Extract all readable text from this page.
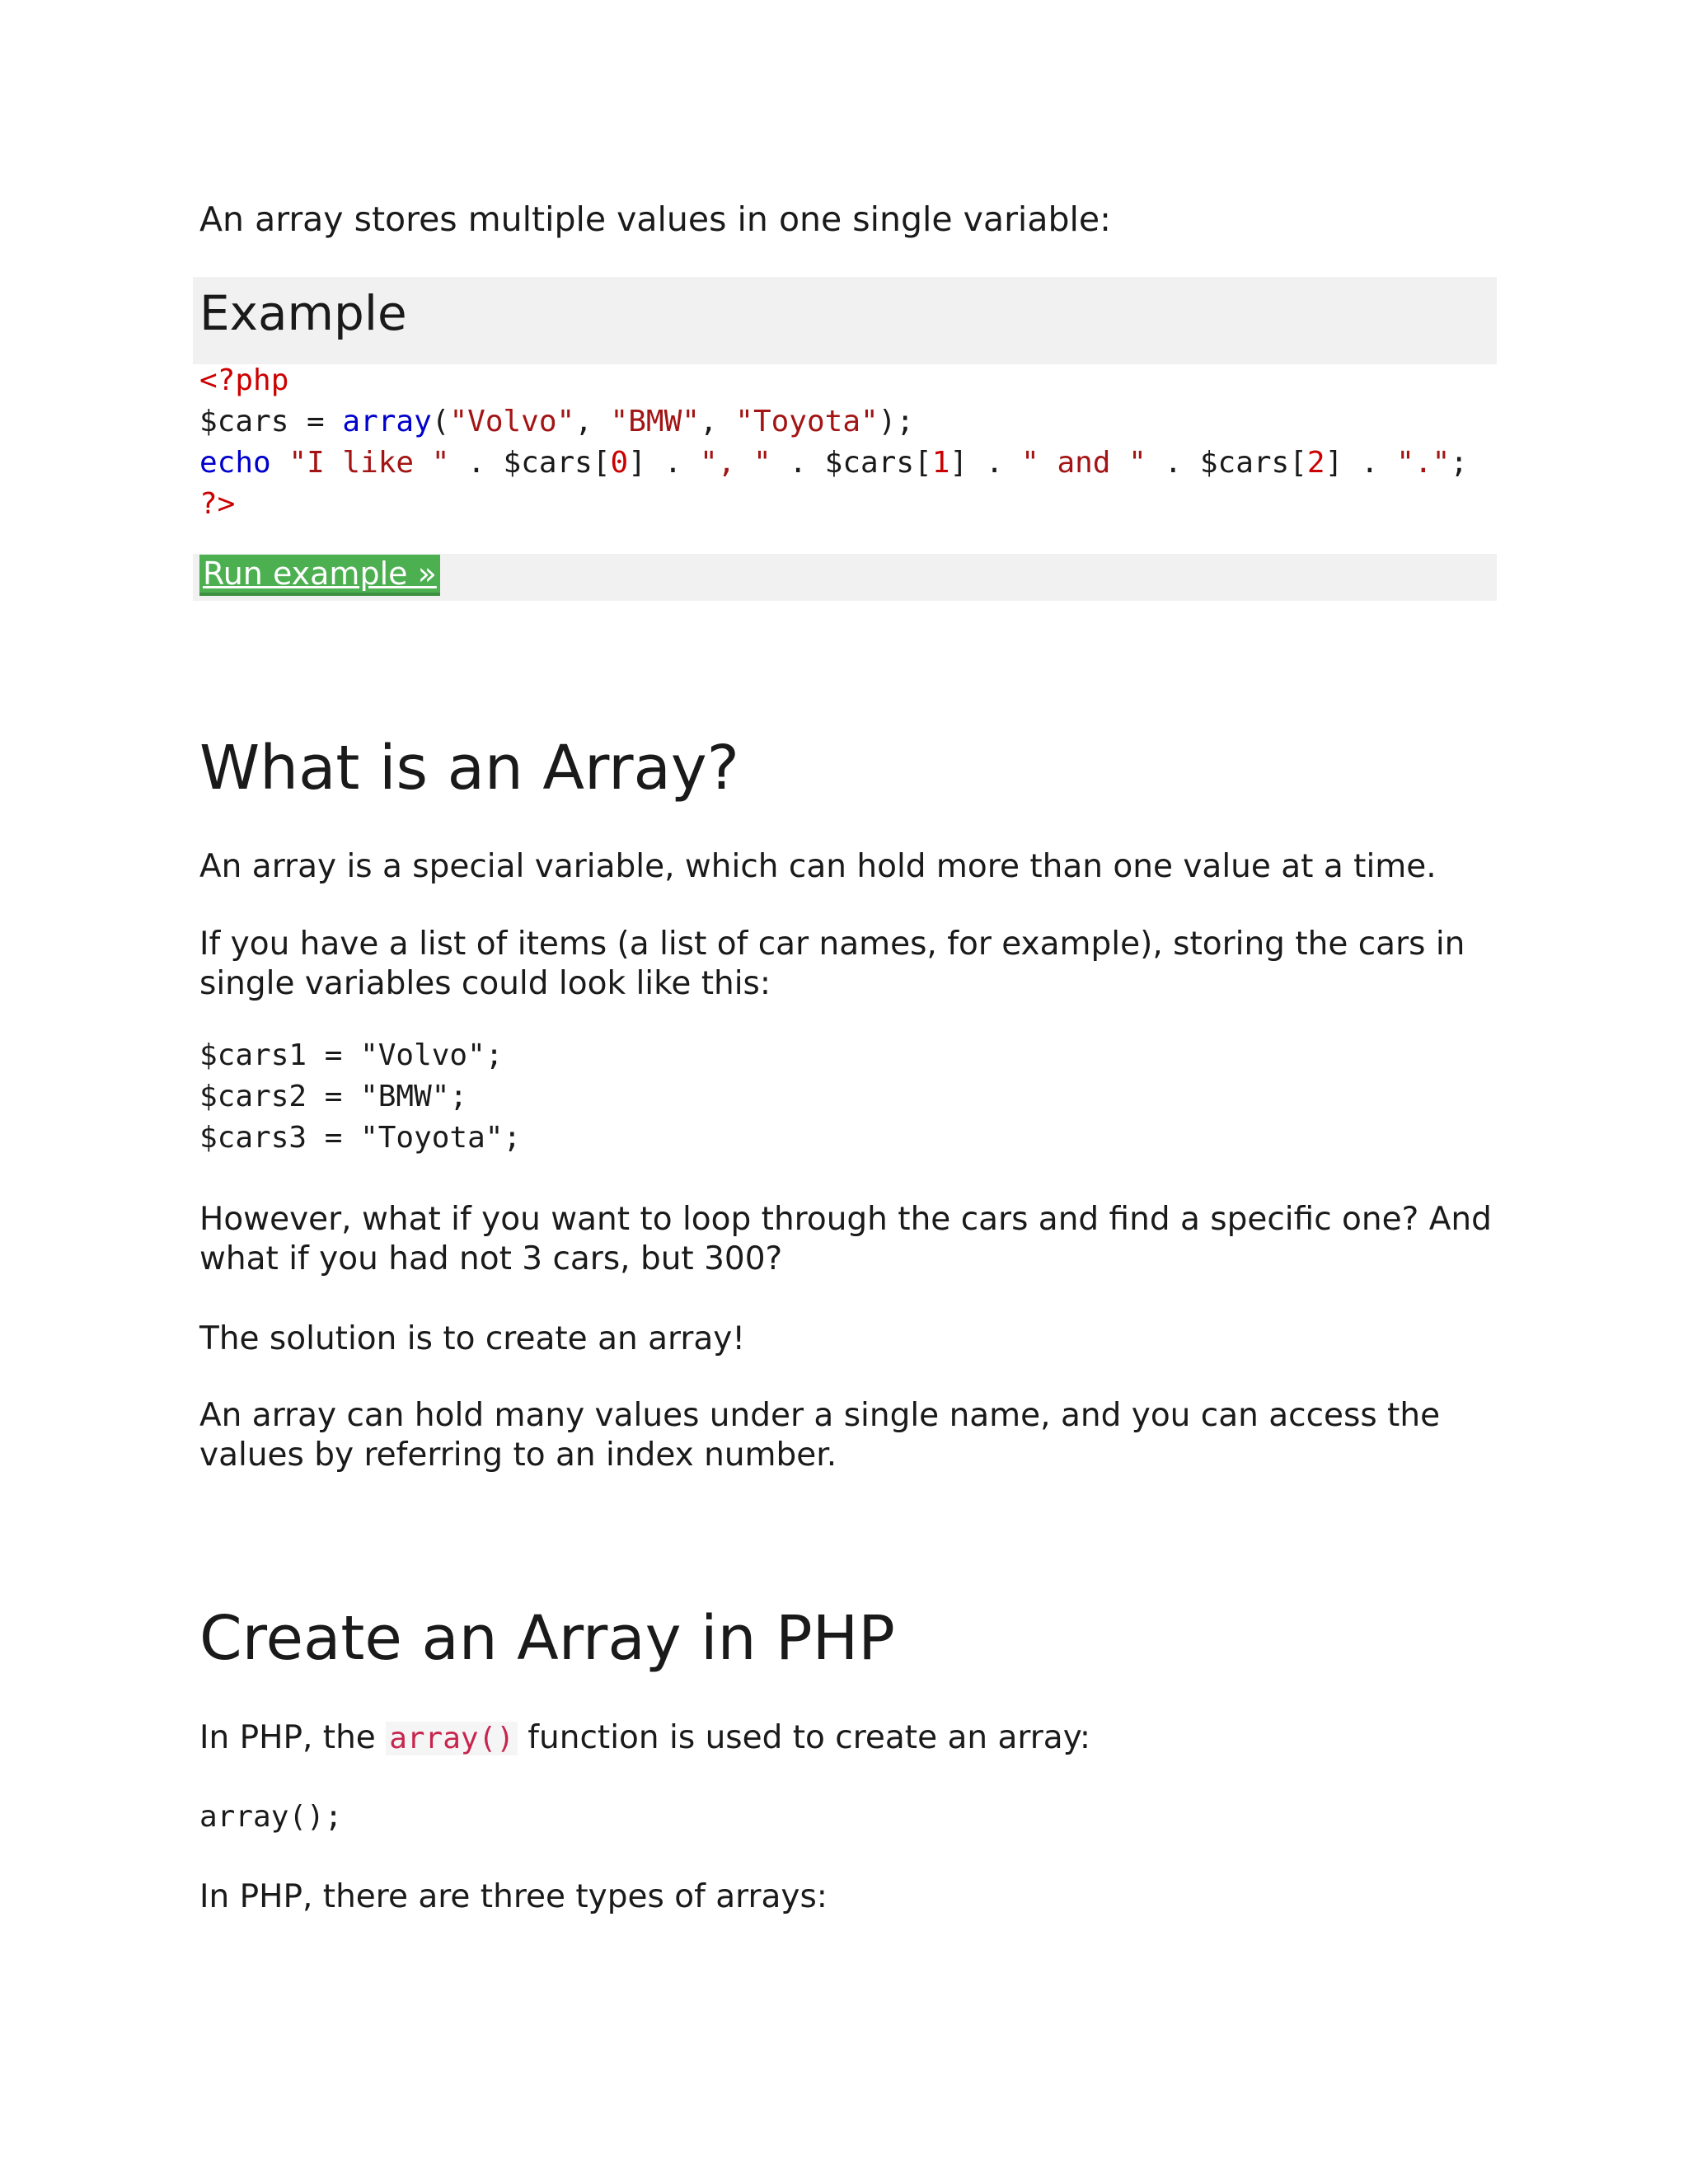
An array stores multiple values in one single variable:
Example
<?php
$cars = array("Volvo", "BMW", "Toyota");
echo "I like " . $cars[0] . ", " . $cars[1] . " and " . $cars[2] . ".";
?>
Run example »
What is an Array?
An array is a special variable, which can hold more than one value at a time.
If you have a list of items (a list of car names, for example), storing the cars in single variables could look like this:
$cars1 = "Volvo";
$cars2 = "BMW";
$cars3 = "Toyota";
However, what if you want to loop through the cars and find a specific one? And what if you had not 3 cars, but 300?
The solution is to create an array!
An array can hold many values under a single name, and you can access the values by referring to an index number.
Create an Array in PHP
In PHP, the array() function is used to create an array:
array();
In PHP, there are three types of arrays:
